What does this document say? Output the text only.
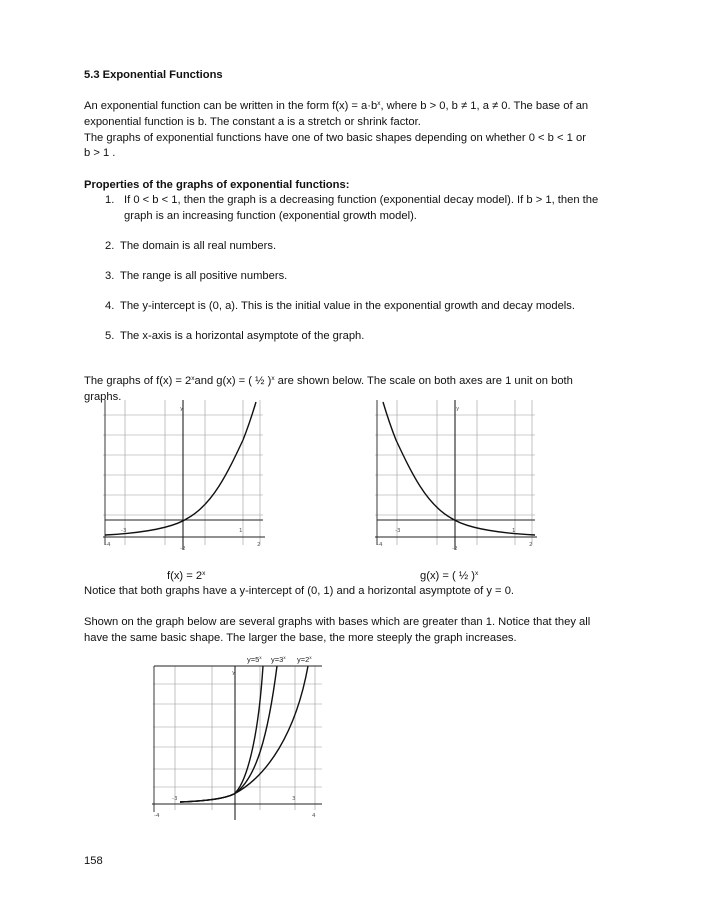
5.3 Exponential Functions
An exponential function can be written in the form $f(x) = a\cdot b^x$, where b > 0, b ≠ 1, a ≠ 0. The base of an
exponential function is b. The constant a is a stretch or shrink factor.
The graphs of exponential functions have one of two basic shapes depending on whether 0 < b < 1 or
b > 1 .
Properties of the graphs of exponential functions:
1. If 0 < b < 1, then the graph is a decreasing function (exponential decay model). If b > 1, then the
graph is an increasing function (exponential growth model).
2. The domain is all real numbers.
3. The range is all positive numbers.
4. The y-intercept is (0, a). This is the initial value in the exponential growth and decay models.
5. The x-axis is a horizontal asymptote of the graph.
The graphs of $f(x) = 2^xand$ g(x) = ( ½ )$^x$ are shown below. The scale on both axes are 1 unit on both
graphs.
y
-3
-4
-2
1
2
y
-3
-4
-2
1
2
$f(x) = 2^x$	g(x) = ( ½ )$^x$
Notice that both graphs have a y-intercept of (0, 1) and a horizontal asymptote of y = 0.
Shown on the graph below are several graphs with bases which are greater than 1. Notice that they all
have the same basic shape. The larger the base, the more steeply the graph increases.
$y=5^x$ $y=3^x$ $y=2^x$
y
-3	3
-4	4
158
